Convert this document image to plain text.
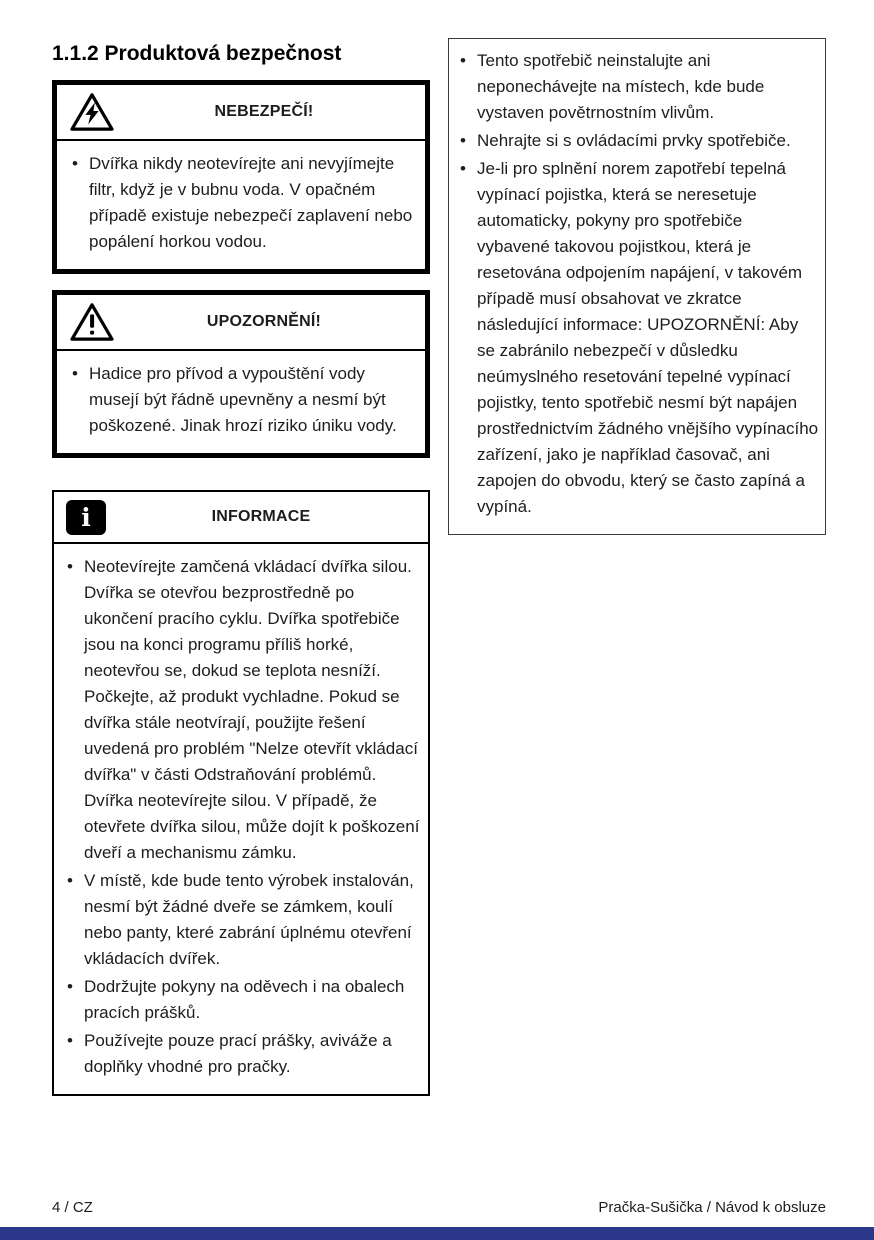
1.1.2 Produktová bezpečnost
NEBEZPEČÍ!
• Dvířka nikdy neotevírejte ani nevyjímejte filtr, když je v bubnu voda. V opačném případě existuje nebezpečí zaplavení nebo popálení horkou vodou.
UPOZORNĚNÍ!
• Hadice pro přívod a vypouštění vody musejí být řádně upevněny a nesmí být poškozené. Jinak hrozí riziko úniku vody.
i	INFORMACE
• Neotevírejte zamčená vkládací dvířka silou. Dvířka se otevřou bezprostředně po ukončení pracího cyklu. Dvířka spotřebiče jsou na konci programu příliš horké, neotevřou se, dokud se teplota nesníží. Počkejte, až produkt vychladne. Pokud se dvířka stále neotvírají, použijte řešení uvedená pro problém "Nelze otevřít vkládací dvířka" v části Odstraňování problémů. Dvířka neotevírejte silou. V případě, že otevřete dvířka silou, může dojít k poškození dveří a mechanismu zámku.
• V místě, kde bude tento výrobek instalován, nesmí být žádné dveře se zámkem, koulí nebo panty, které zabrání úplnému otevření vkládacích dvířek.
• Dodržujte pokyny na oděvech i na obalech pracích prášků.
• Používejte pouze prací prášky, aviváže a doplňky vhodné pro pračky.
• Tento spotřebič neinstalujte ani neponechávejte na místech, kde bude vystaven povětrnostním vlivům.
• Nehrajte si s ovládacími prvky spotřebiče.
• Je-li pro splnění norem zapotřebí tepelná vypínací pojistka, která se neresetuje automaticky, pokyny pro spotřebiče vybavené takovou pojistkou, která je resetována odpojením napájení, v takovém případě musí obsahovat ve zkratce následující informace: UPOZORNĚNÍ: Aby se zabránilo nebezpečí v důsledku neúmyslného resetování tepelné vypínací pojistky, tento spotřebič nesmí být napájen prostřednictvím žádného vnějšího vypínacího zařízení, jako je například časovač, ani zapojen do obvodu, který se často zapíná a vypíná.
4 / CZ	Pračka-Sušička / Návod k obsluze
